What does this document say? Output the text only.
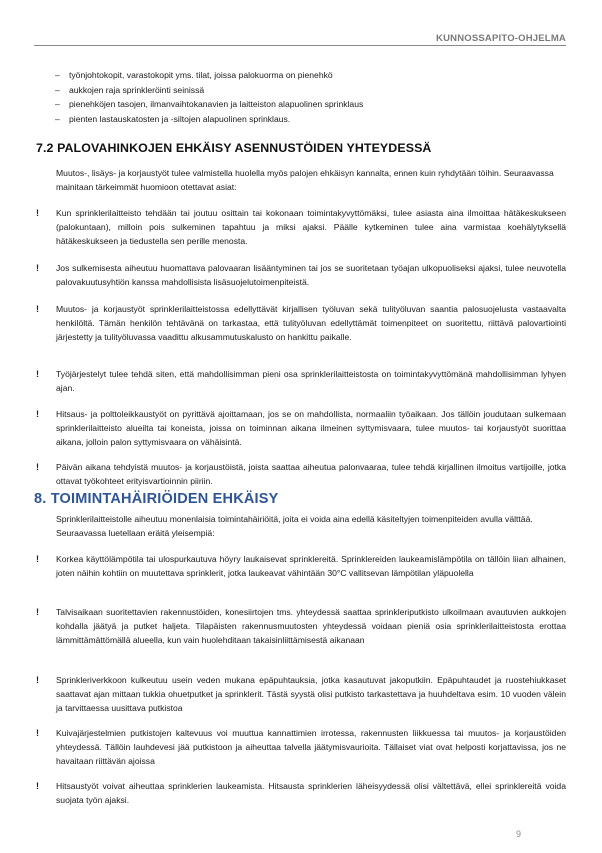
KUNNOSSAPITO-OHJELMA
– työnjohtokopit, varastokopit yms. tilat, joissa palokuorma on pienehkö
– aukkojen raja sprinkleröinti seinissä
– pienehköjen tasojen, ilmanvaihtokanavien ja laitteiston alapuolinen sprinklaus
– pienten lastauskatosten ja -siltojen alapuolinen sprinklaus.
7.2 PALOVAHINKOJEN EHKÄISY ASENNUSTÖIDEN YHTEYDESSÄ

Muutos-, lisäys- ja korjaustyöt tulee valmistella huolella myös palojen ehkäisyn kannalta, ennen kuin ryhdytään töihin. Seuraavassa mainitaan tärkeimmät huomioon otettavat asiat:

!	Kun sprinklerilaitteisto tehdään tai joutuu osittain tai kokonaan toimintakyvyttömäksi, tulee asiasta aina ilmoittaa hätäkeskukseen (palokuntaan), milloin pois sulkeminen tapahtuu ja miksi ajaksi. Päälle kytkeminen tulee aina varmistaa koehälytyksellä hätäkeskukseen ja tiedustella sen perille menosta.

!	Jos sulkemisesta aiheutuu huomattava palovaaran lisääntyminen tai jos se suoritetaan työajan ulkopuoliseksi ajaksi, tulee neuvotella palovakuutusyhtiön kanssa mahdollisista lisäsuojelutoimenpiteistä.

!	Muutos- ja korjaustyöt sprinklerilaitteistossa edellyttävät kirjallisen työluvan sekä tulityöluvan saantia palosuojelusta vastaavalta henkilöltä. Tämän henkilön tehtävänä on tarkastaa, että tulityöluvan edellyttämät toimenpiteet on suoritettu, riittävä palovartiointi järjestetty ja tulityöluvassa vaadittu alkusammutuskalusto on hankittu paikalle.

!	Työjärjestelyt tulee tehdä siten, että mahdollisimman pieni osa sprinklerilaitteistosta on toimintakyvyttömänä mahdollisimman lyhyen ajan.

!	Hitsaus- ja polttoleikkaustyöt on pyrittävä ajoittamaan, jos se on mahdollista, normaaliin työaikaan. Jos tällöin joudutaan sulkemaan sprinklerilaitteisto alueilta tai koneista, joissa on toiminnan aikana ilmeinen syttymisvaara, tulee muutos- tai korjaustyöt suorittaa aikana, jolloin palon syttymisvaara on vähäisintä.

!	Päivän aikana tehdyistä muutos- ja korjaustöistä, joista saattaa aiheutua palonvaaraa, tulee tehdä kirjallinen ilmoitus vartijoille, jotka ottavat työkohteet erityisvartioinnin piiriin.

8. TOIMINTAHÄIRIÖIDEN EHKÄISY

Sprinklerilaitteistolle aiheutuu monenlaisia toimintahäiriöitä, joita ei voida aina edellä käsiteltyjen toimenpiteiden avulla välttää. Seuraavassa luetellaan eräitä yleisempiä:

!	Korkea käyttölämpötila tai ulospurkautuva höyry laukaisevat sprinklereitä. Sprinklereiden laukeamislämpötila on tällöin liian alhainen, joten näihin kohtiin on muutettava sprinklerit, jotka laukeavat vähintään 30°C vallitsevan lämpötilan yläpuolella

!	Talvisaikaan suoritettavien rakennustöiden, konesiirtojen tms. yhteydessä saattaa sprinkleriputkisto ulkoilmaan avautuvien aukkojen kohdalla jäätyä ja putket haljeta. Tilapäisten rakennusmuutosten yhteydessä voidaan pieniä osia sprinklerilaitteistosta erottaa lämmittämättömällä alueella, kun vain huolehditaan takaisinliittämisestä aikanaan

!	Sprinkleriverkkoon kulkeutuu usein veden mukana epäpuhtauksia, jotka kasautuvat jakoputkiin. Epäpuhtaudet ja ruostehiukkaset saattavat ajan mittaan tukkia ohuetputket ja sprinklerit. Tästä syystä olisi putkisto tarkastettava ja huuhdeltava esim. 10 vuoden välein ja tarvittaessa uusittava putkistoa

!	Kuivajärjestelmien putkistojen kaltevuus voi muuttua kannattimien irrotessa, rakennusten liikkuessa tai muutos- ja korjaustöiden yhteydessä. Tällöin lauhdevesi jää putkistoon ja aiheuttaa talvella jäätymisvaurioita. Tällaiset viat ovat helposti korjattavissa, jos ne havaitaan riittävän ajoissa

!	Hitsaustyöt voivat aiheuttaa sprinklerien laukeamista. Hitsausta sprinklerien läheisyydessä olisi vältettävä, ellei sprinklereitä voida suojata työn ajaksi.

9
